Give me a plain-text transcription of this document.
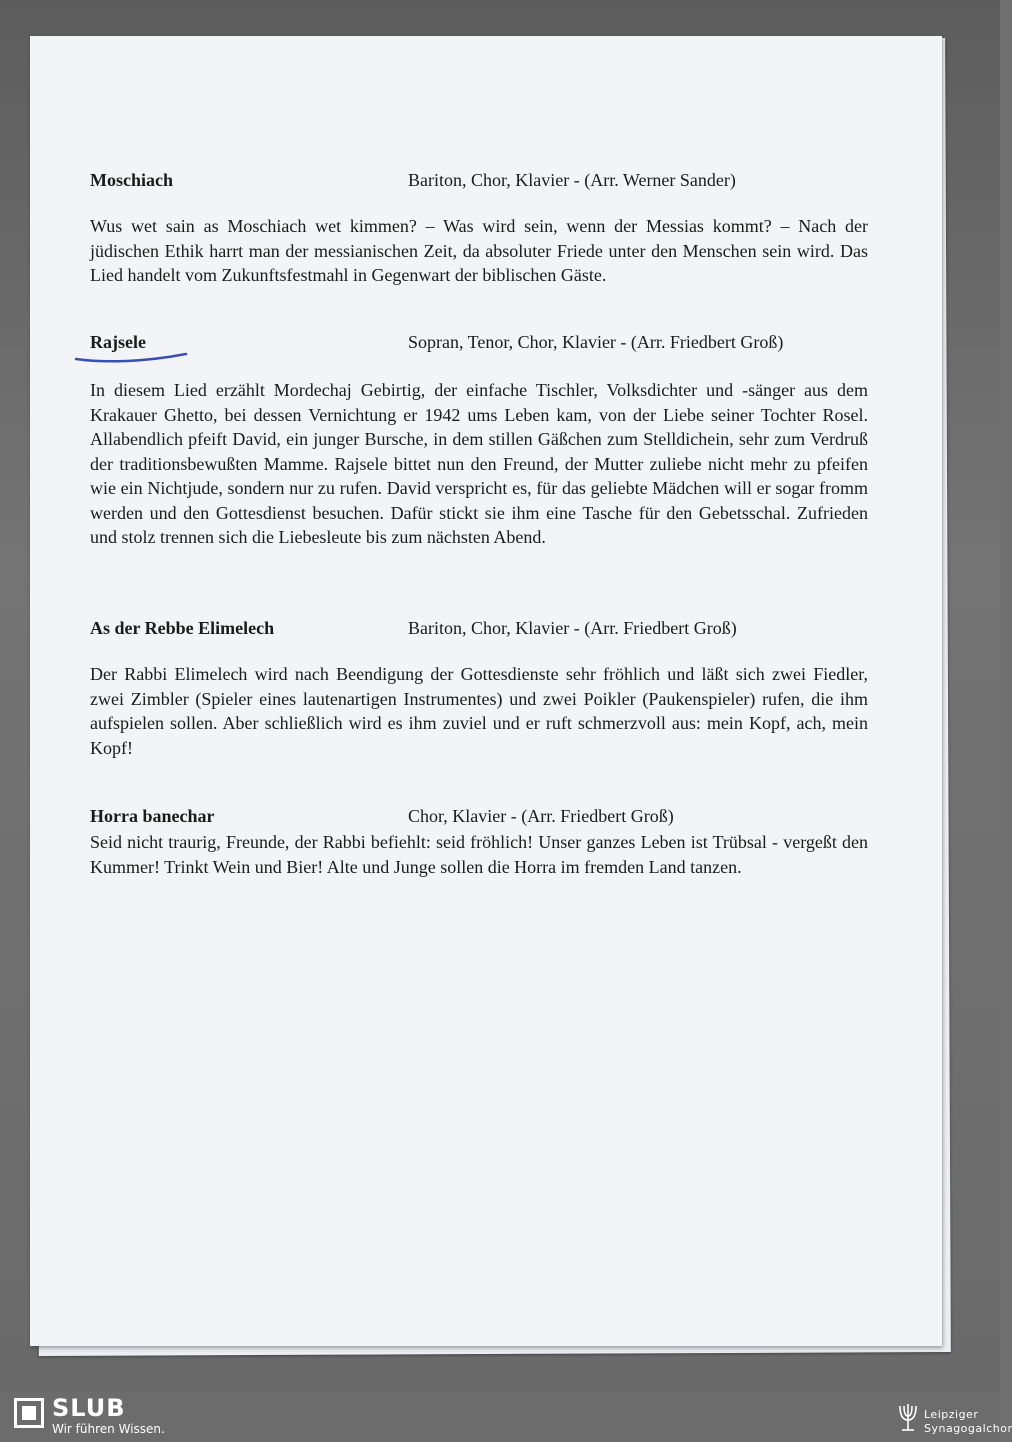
Moschiach	Bariton, Chor, Klavier - (Arr. Werner Sander)
Wus wet sain as Moschiach wet kimmen? – Was wird sein, wenn der Messias kommt? – Nach der jüdischen Ethik harrt man der messianischen Zeit, da absoluter Friede unter den Menschen sein wird. Das Lied handelt vom Zukunftsfestmahl in Gegenwart der biblischen Gäste.
Rajsele	Sopran, Tenor, Chor, Klavier - (Arr. Friedbert Groß)
In diesem Lied erzählt Mordechaj Gebirtig, der einfache Tischler, Volksdichter und -sänger aus dem Krakauer Ghetto, bei dessen Vernichtung er 1942 ums Leben kam, von der Liebe seiner Tochter Rosel. Allabendlich pfeift David, ein junger Bursche, in dem stillen Gäßchen zum Stelldichein, sehr zum Verdruß der traditionsbewußten Mamme. Rajsele bittet nun den Freund, der Mutter zuliebe nicht mehr zu pfeifen wie ein Nichtjude, sondern nur zu rufen. David verspricht es, für das geliebte Mädchen will er sogar fromm werden und den Gottesdienst besuchen. Dafür stickt sie ihm eine Tasche für den Gebetsschal. Zufrieden und stolz trennen sich die Liebesleute bis zum nächsten Abend.
As der Rebbe Elimelech	Bariton, Chor, Klavier - (Arr. Friedbert Groß)
Der Rabbi Elimelech wird nach Beendigung der Gottesdienste sehr fröhlich und läßt sich zwei Fiedler, zwei Zimbler (Spieler eines lautenartigen Instrumentes) und zwei Poikler (Paukenspieler) rufen, die ihm aufspielen sollen. Aber schließlich wird es ihm zuviel und er ruft schmerzvoll aus: mein Kopf, ach, mein Kopf!
Horra banechar	Chor, Klavier - (Arr. Friedbert Groß)
Seid nicht traurig, Freunde, der Rabbi befiehlt: seid fröhlich! Unser ganzes Leben ist Trübsal - vergeßt den Kummer! Trinkt Wein und Bier! Alte und Junge sollen die Horra im fremden Land tanzen.
SLUB
Wir führen Wissen.
Leipziger
Synagogalchor
